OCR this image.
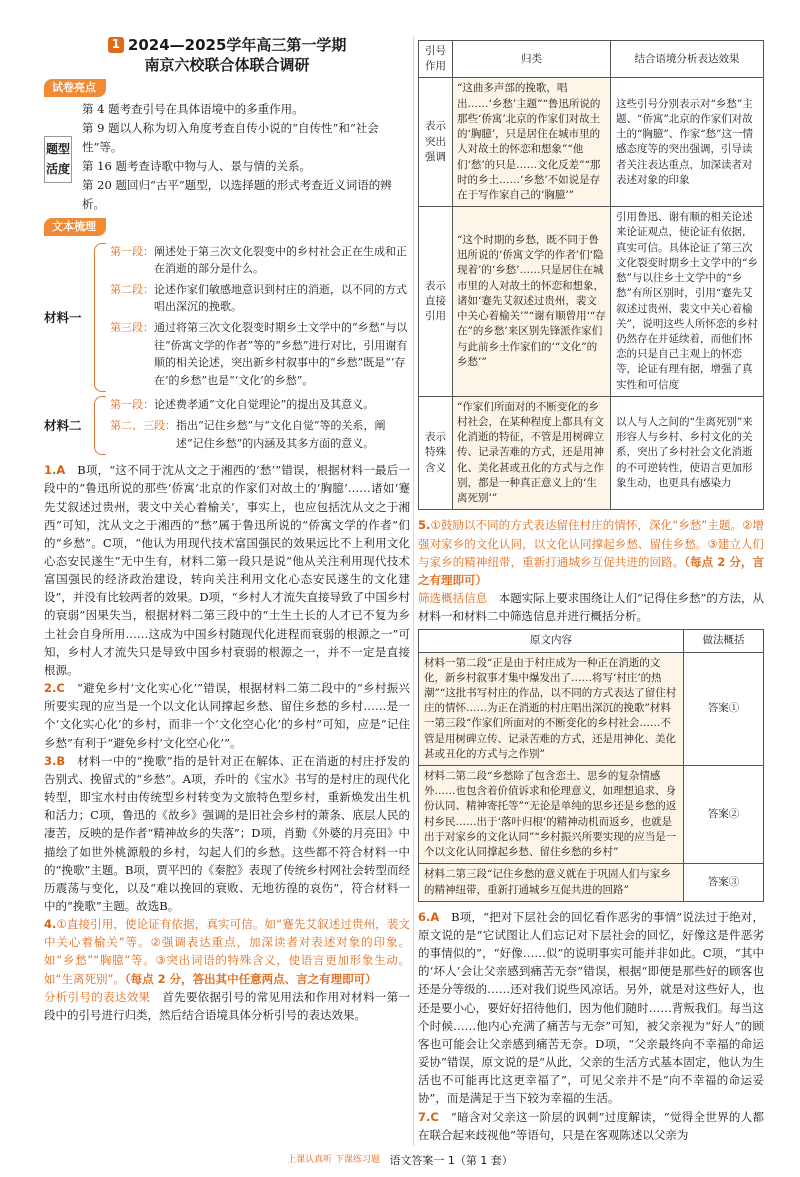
1 2024—2025学年高三第一学期
南京六校联合体联合调研
试卷亮点
题型活度

第 4 题考查引号在具体语境中的多重作用。

第 9 题以人称为切入角度考查自传小说的“自传性”和“社会性”等。

第 16 题考查诗歌中物与人、景与情的关系。

第 20 题回归“古平”题型，以选择题的形式考查近义词语的辨析。

文本梳理
材料一
第一段： 阐述处于第三次文化裂变中的乡村社会正在生成和正在消逝的部分是什么。
第二段： 论述作家们敏感地意识到村庄的消逝，以不同的方式唱出深沉的挽歌。
第三段： 通过将第三次文化裂变时期乡土文学中的“乡愁”与以往“侨寓文学的作者”等的“乡愁”进行对比，引用谢有顺的相关论述，突出新乡村叙事中的“乡愁”既是“‘存在’的乡愁”也是“‘文化’的乡愁”。
材料二
第一段： 论述费孝通“文化自觉理论”的提出及其意义。
第二、三段： 指出“记住乡愁”与“文化自觉”等的关系，阐述“记住乡愁”的内涵及其多方面的意义。

1.A　B项，“这不同于沈从文之于湘西的‘愁’”错误，根据材料一最后一段中的“鲁迅所说的那些‘侨寓’北京的作家们对故土的‘胸臆’……诸如‘蹇先艾叙述过贵州，裴文中关心着榆关’，事实上，也应包括沈从文之于湘西”可知，沈从文之于湘西的“愁”属于鲁迅所说的“侨寓文学的作者”们的“乡愁”。C项，“他认为用现代技术富国强民的效果远比不上利用文化心态安民遂生”无中生有，材料二第一段只是说“他从关注利用现代技术富国强民的经济政治建设，转向关注利用文化心态安民遂生的文化建设”，并没有比较两者的效果。D项，“乡村人才流失直接导致了中国乡村的衰弱”因果失当，根据材料二第三段中的“土生土长的人才已不复为乡土社会自身所用……这成为中国乡村随现代化进程而衰弱的根源之一”可知，乡村人才流失只是导致中国乡村衰弱的根源之一，并不一定是直接根源。

2.C　“避免乡村‘文化实心化’”错误，根据材料二第二段中的“乡村振兴所要实现的应当是一个以文化认同撑起乡愁、留住乡愁的乡村……是一个‘文化实心化’的乡村，而非一个‘文化空心化’的乡村”可知，应是“记住乡愁”有利于“避免乡村‘文化空心化’”。

3.B　材料一中的“挽歌”指的是针对正在解体、正在消逝的村庄抒发的告别式、挽留式的“乡愁”。A项，乔叶的《宝水》书写的是村庄的现代化转型，即宝水村由传统型乡村转变为文旅特色型乡村，重新焕发出生机和活力；C项，鲁迅的《故乡》强调的是旧社会乡村的萧条、底层人民的凄苦，反映的是作者“精神故乡的失落”；D项，肖勤《外婆的月亮田》中描绘了如世外桃源般的乡村，勾起人们的乡愁。这些都不符合材料一中的“挽歌”主题。B项，贾平凹的《秦腔》表现了传统乡村网社会转型而经历震荡与变化，以及“难以挽回的衰败、无地彷徨的哀伤”，符合材料一中的“挽歌”主题。故选B。

4.①直接引用，使论证有依据，真实可信。如“蹇先艾叙述过贵州，裴文中关心着榆关”等。②强调表达重点，加深读者对表述对象的印象。如“乡愁”“胸臆”等。③突出词语的特殊含义，使语言更加形象生动。如“生离死别”。（每点 2 分，答出其中任意两点、言之有理即可）

分析引号的表达效果　 首先要依据引号的常见用法和作用对材料一第一段中的引号进行归类，然后结合语境具体分析引号的表达效果。

引号作用	归类	结合语境分析表达效果
表示突出强调	“这曲多声部的挽歌，唱出……‘乡愁’主题”“鲁迅所说的那些‘侨寓’北京的作家们对故土的‘胸臆’，只是居住在城市里的人对故土的怀恋和想象”“他们‘愁’的只是……文化反差”“那时的乡土……‘乡愁’不如说是存在于写作家自己的‘胸臆’”	这些引号分别表示对“乡愁”主题、“侨寓”北京的作家们对故土的“胸臆”、作家“愁”这一情感态度等的突出强调，引导读者关注表达重点，加深读者对表述对象的印象
表示直接引用	“这个时期的乡愁，既不同于鲁迅所说的‘侨寓文学的作者’们‘隐现着’的‘乡愁’……只是居住在城市里的人对故土的怀恋和想象，诸如‘蹇先艾叙述过贵州，裴文中关心着榆关’”“谢有顺曾用‘“存在”的乡愁’来区别先锋派作家们与此前乡土作家们的‘“文化”的乡愁’”	引用鲁迅、谢有顺的相关论述来论证观点，使论证有依据，真实可信。具体论证了第三次文化裂变时期乡土文学中的“乡愁”与以往乡土文学中的“乡愁”有所区别时，引用“蹇先艾叙述过贵州，裴文中关心着榆关”，说明这些人所怀恋的乡村仍然存在并延续着，而他们怀恋的只是自己主观上的怀恋等，论证有理有据，增强了真实性和可信度
表示特殊含义	“作家们所面对的不断变化的乡村社会，在某种程度上都具有文化消逝的特征，不管是用树碑立传、记录苦难的方式，还是用神化、美化甚或丑化的方式与之作别，都是一种真正意义上的‘生离死别’”	以人与人之间的“生离死别”来形容人与乡村、乡村文化的关系，突出了乡村社会文化消逝的不可逆转性，使语言更加形象生动，也更具有感染力

5.①鼓励以不同的方式表达留住村庄的情怀，深化“乡愁”主题。②增强对家乡的文化认同，以文化认同撑起乡愁、留住乡愁。③建立人们与家乡的精神纽带，重新打通城乡互促共进的回路。（每点 2 分，言之有理即可）

筛选概括信息　 本题实际上要求围绕让人们“记得住乡愁”的方法，从材料一和材料二中筛选信息并进行概括分析。

原文内容	做法概括
材料一第二段“正是由于村庄成为一种正在消逝的文化，新乡村叙事才集中爆发出了……将写‘村庄’的热潮”“这批书写村庄的作品，以不同的方式表达了留住村庄的情怀……为正在消逝的村庄唱出深沉的挽歌”材料一第三段“作家们所面对的不断变化的乡村社会……不管是用树碑立传、记录苦难的方式，还是用神化、美化甚或丑化的方式与之作别”	答案①
材料二第二段“乡愁除了包含恋土、思乡的复杂情感外……也包含着价值诉求和伦理意义，如理想追求、身份认同、精神寄托等”“无论是单纯的思乡还是乡愁的返村乡民……出于‘落叶归根’的精神动机而返乡，也就是出于对家乡的文化认同”“乡村振兴所要实现的应当是一个以文化认同撑起乡愁、留住乡愁的乡村”	答案②
材料二第三段“记住乡愁的意义就在于巩固人们与家乡的精神纽带，重新打通城乡互促共进的回路”	答案③

6.A　B项，“把对下层社会的回忆看作恶劣的事情”说法过于绝对，原文说的是“它试图让人们忘记对下层社会的回忆，好像这是件恶劣的事情似的”，“好像……似”的说明事实可能并非如此。C项，“其中的‘坏人’会让父亲感到痛苦无奈”错误，根据“即便是那些好的顾客也还是分等级的……还对我们说些风凉话。另外，就是对这些好人，也还是要小心，要好好招待他们，因为他们随时……背叛我们。每当这个时候……他内心充满了痛苦与无奈”可知，被父亲视为“好人”的顾客也可能会让父亲感到痛苦无奈。D项，“父亲最终向不幸福的命运妥协”错误，原文说的是“从此，父亲的生活方式基本固定，他认为生活也不可能再比这更幸福了”，可见父亲并不是“向不幸福的命运妥协”，而是满足于当下较为幸福的生活。

7.C　“暗含对父亲这一阶层的讽刺”过度解读，“觉得全世界的人都在联合起来歧视他”等语句，只是在客观陈述以父亲为

上课认真听 下课练习题 语文答案一 1（第 1 套）
